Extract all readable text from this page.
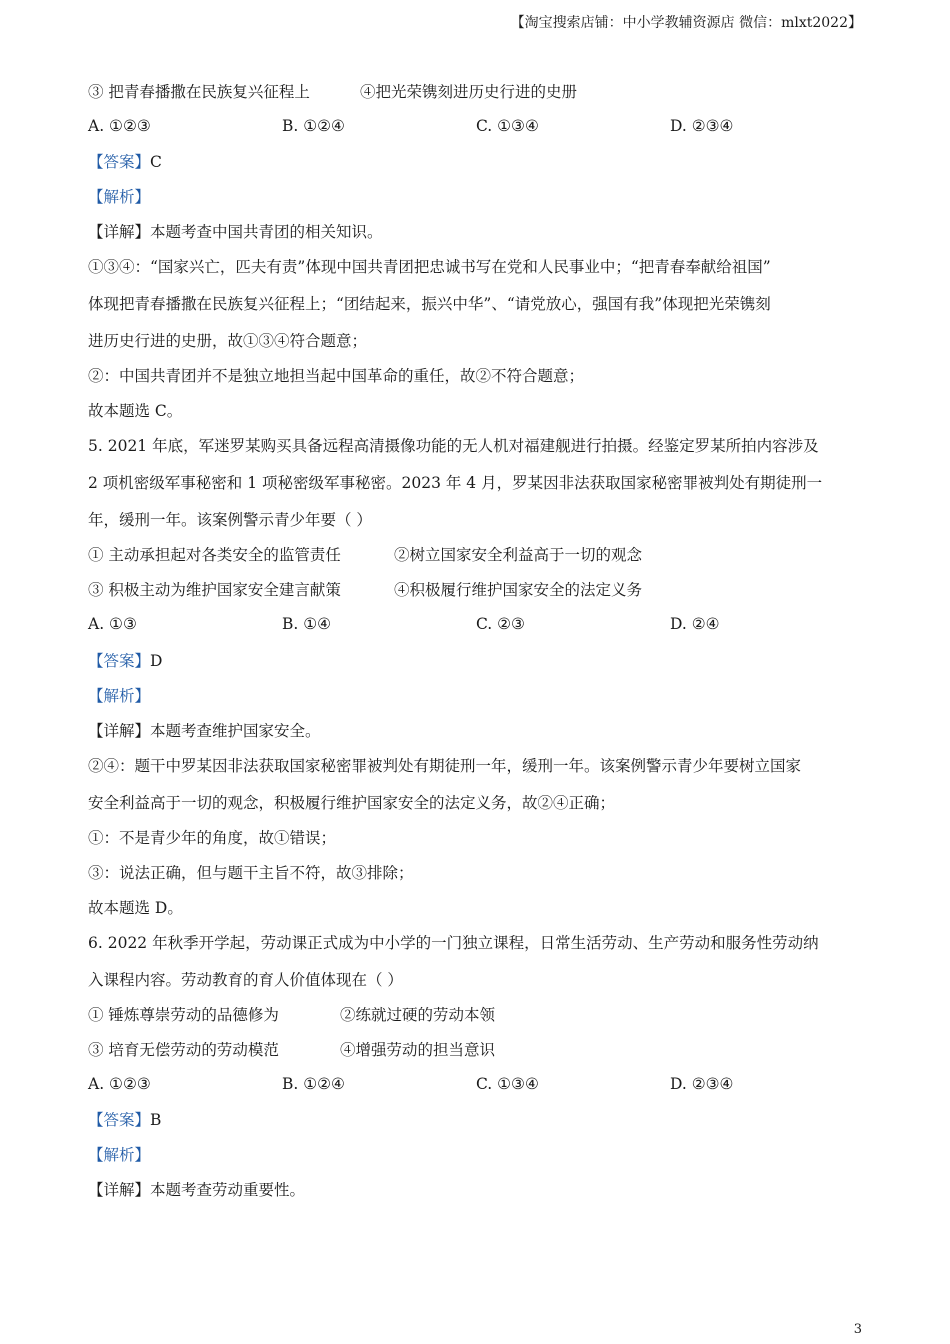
【淘宝搜索店铺：中小学教辅资源店 微信：mlxt2022】
③ 把青春播撒在民族复兴征程上	④把光荣镌刻进历史行进的史册
A. ①②③	B. ①②④	C. ①③④	D. ②③④
【答案】C
【解析】
【详解】本题考查中国共青团的相关知识。
①③④：“国家兴亡，匹夫有责”体现中国共青团把忠诚书写在党和人民事业中；“把青春奉献给祖国”
体现把青春播撒在民族复兴征程上；“团结起来，振兴中华”、“请党放心，强国有我”体现把光荣镌刻
进历史行进的史册，故①③④符合题意；
②：中国共青团并不是独立地担当起中国革命的重任，故②不符合题意；
故本题选 C。
5. 2021 年底，军迷罗某购买具备远程高清摄像功能的无人机对福建舰进行拍摄。经鉴定罗某所拍内容涉及
2 项机密级军事秘密和 1 项秘密级军事秘密。2023 年 4 月，罗某因非法获取国家秘密罪被判处有期徒刑一
年，缓刑一年。该案例警示青少年要（ ）
① 主动承担起对各类安全的监管责任	②树立国家安全利益高于一切的观念
③ 积极主动为维护国家安全建言献策	④积极履行维护国家安全的法定义务
A. ①③	B. ①④	C. ②③	D. ②④
【答案】D
【解析】
【详解】本题考查维护国家安全。
②④：题干中罗某因非法获取国家秘密罪被判处有期徒刑一年，缓刑一年。该案例警示青少年要树立国家
安全利益高于一切的观念，积极履行维护国家安全的法定义务，故②④正确；
①：不是青少年的角度，故①错误；
③：说法正确，但与题干主旨不符，故③排除；
故本题选 D。
6. 2022 年秋季开学起，劳动课正式成为中小学的一门独立课程，日常生活劳动、生产劳动和服务性劳动纳
入课程内容。劳动教育的育人价值体现在（ ）
① 锤炼尊崇劳动的品德修为	②练就过硬的劳动本领
③ 培育无偿劳动的劳动模范	④增强劳动的担当意识
A. ①②③	B. ①②④	C. ①③④	D. ②③④
【答案】B
【解析】
【详解】本题考查劳动重要性。
3
